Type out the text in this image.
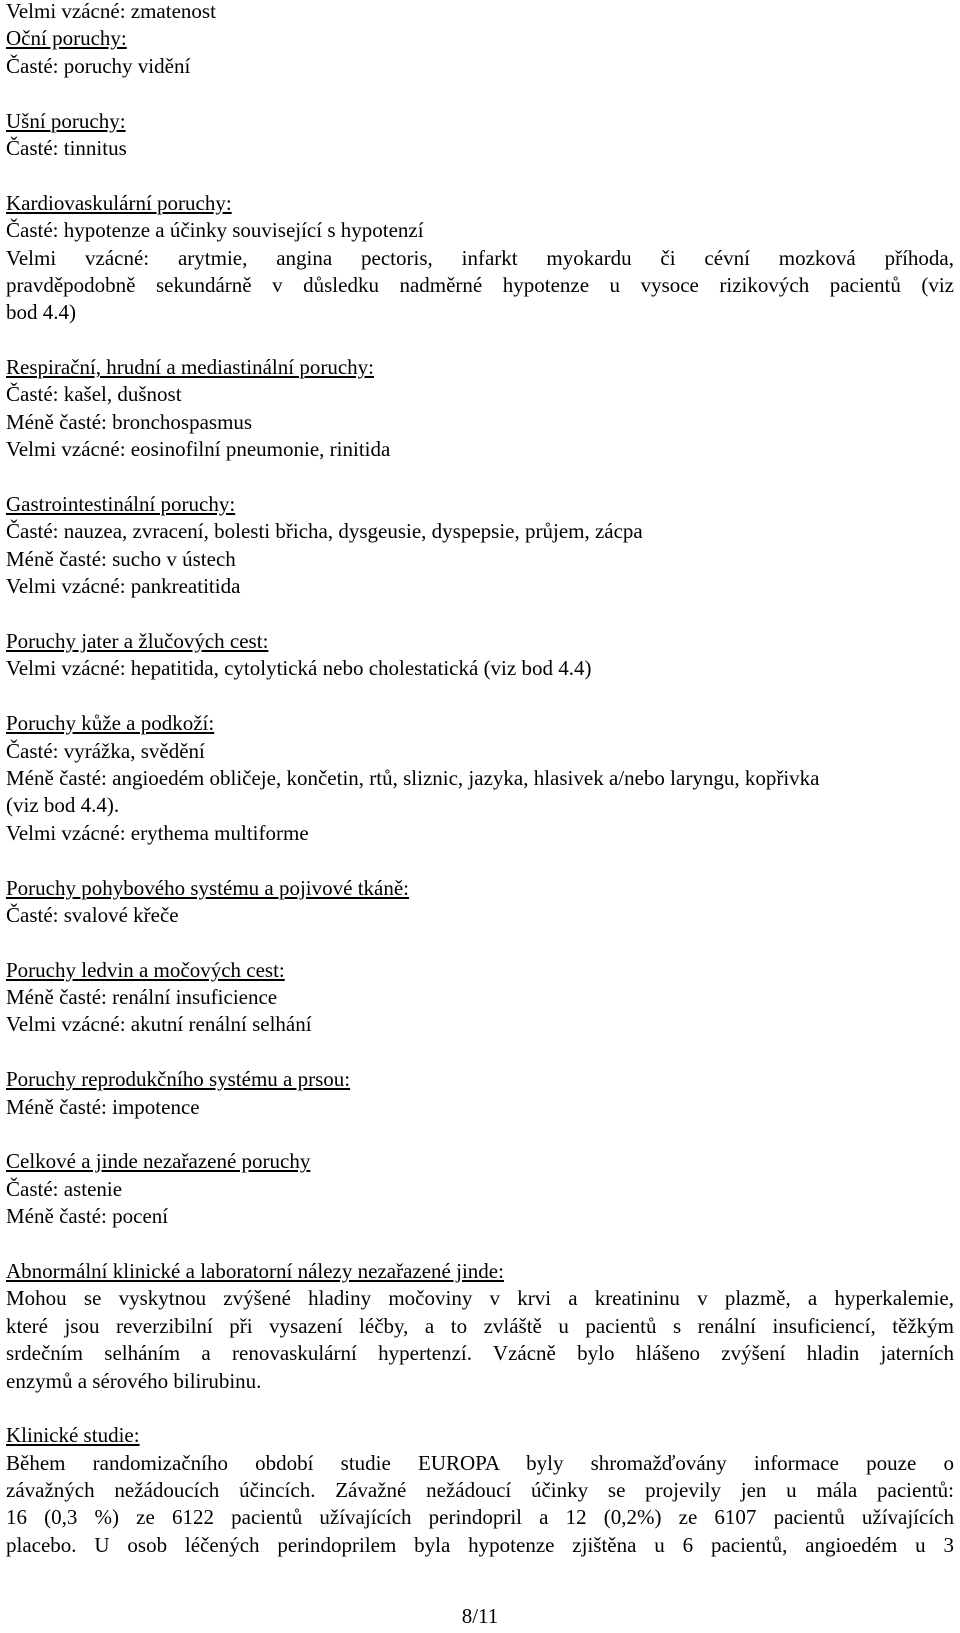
Velmi vzácné: zmatenost
Oční poruchy:
Časté: poruchy vidění
Ušní poruchy:
Časté: tinnitus
Kardiovaskulární poruchy:
Časté: hypotenze a účinky související s hypotenzí
Velmi vzácné: arytmie, angina pectoris, infarkt myokardu či cévní mozková příhoda,
pravděpodobně sekundárně v důsledku nadměrné hypotenze u vysoce rizikových pacientů (viz
bod 4.4)
Respirační, hrudní a mediastinální poruchy:
Časté: kašel, dušnost
Méně časté: bronchospasmus
Velmi vzácné: eosinofilní pneumonie, rinitida
Gastrointestinální poruchy:
Časté: nauzea, zvracení, bolesti břicha, dysgeusie, dyspepsie, průjem, zácpa
Méně časté: sucho v ústech
Velmi vzácné: pankreatitida
Poruchy jater a žlučových cest:
Velmi vzácné: hepatitida, cytolytická nebo cholestatická (viz bod 4.4)
Poruchy kůže a podkoží:
Časté: vyrážka, svědění
Méně časté: angioedém obličeje, končetin, rtů, sliznic, jazyka, hlasivek a/nebo laryngu, kopřivka
(viz bod 4.4).
Velmi vzácné: erythema multiforme
Poruchy pohybového systému a pojivové tkáně:
Časté: svalové křeče
Poruchy ledvin a močových cest:
Méně časté: renální insuficience
Velmi vzácné: akutní renální selhání
Poruchy reprodukčního systému a prsou:
Méně časté: impotence
Celkové a jinde nezařazené poruchy
Časté: astenie
Méně časté: pocení
Abnormální klinické a laboratorní nálezy nezařazené jinde:
Mohou se vyskytnou zvýšené hladiny močoviny v krvi a kreatininu v plazmě, a hyperkalemie,
které jsou reverzibilní při vysazení léčby, a to zvláště u pacientů s renální insuficiencí, těžkým
srdečním selháním a renovaskulární hypertenzí. Vzácně bylo hlášeno zvýšení hladin jaterních
enzymů a sérového bilirubinu.
Klinické studie:
Během randomizačního období studie EUROPA byly shromažďovány informace pouze o
závažných nežádoucích účincích. Závažné nežádoucí účinky se projevily jen u mála pacientů:
16 (0,3 %) ze 6122 pacientů užívajících perindopril a 12 (0,2%) ze 6107 pacientů užívajících
placebo. U osob léčených perindoprilem byla hypotenze zjištěna u 6 pacientů, angioedém u 3
8/11
